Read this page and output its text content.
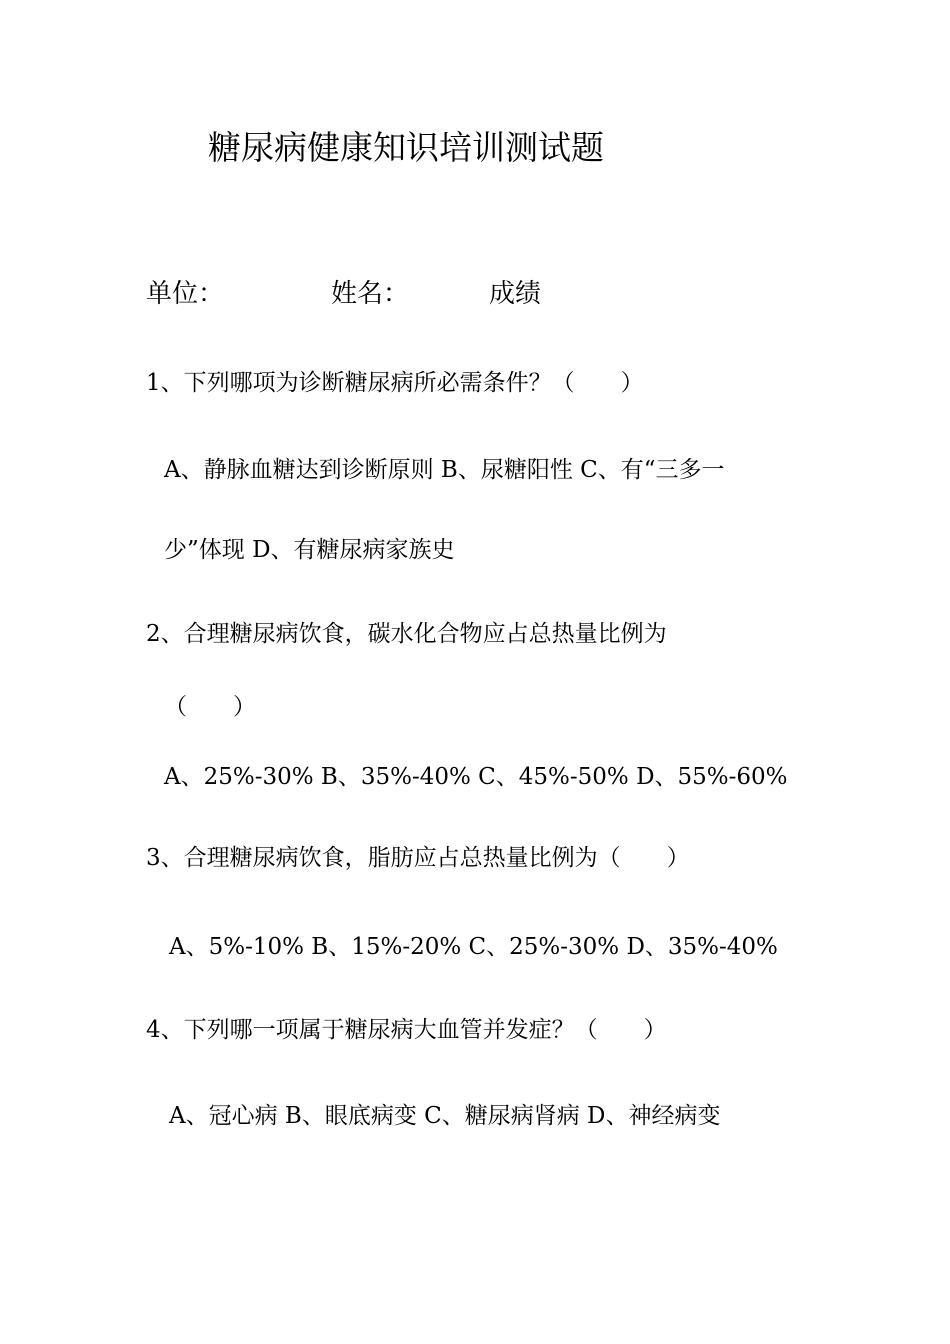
糖尿病健康知识培训测试题
单位：	姓名：	成绩
1、下列哪项为诊断糖尿病所必需条件？（　　）
A、静脉血糖达到诊断原则 B、尿糖阳性 C、有“三多一
少”体现 D、有糖尿病家族史
2、合理糖尿病饮食，碳水化合物应占总热量比例为
（　　）
A、25%-30% B、35%-40% C、45%-50% D、55%-60%
3、合理糖尿病饮食，脂肪应占总热量比例为（　　）
A、5%-10% B、15%-20% C、25%-30% D、35%-40%
4、下列哪一项属于糖尿病大血管并发症？（　　）
A、冠心病 B、眼底病变 C、糖尿病肾病 D、神经病变
